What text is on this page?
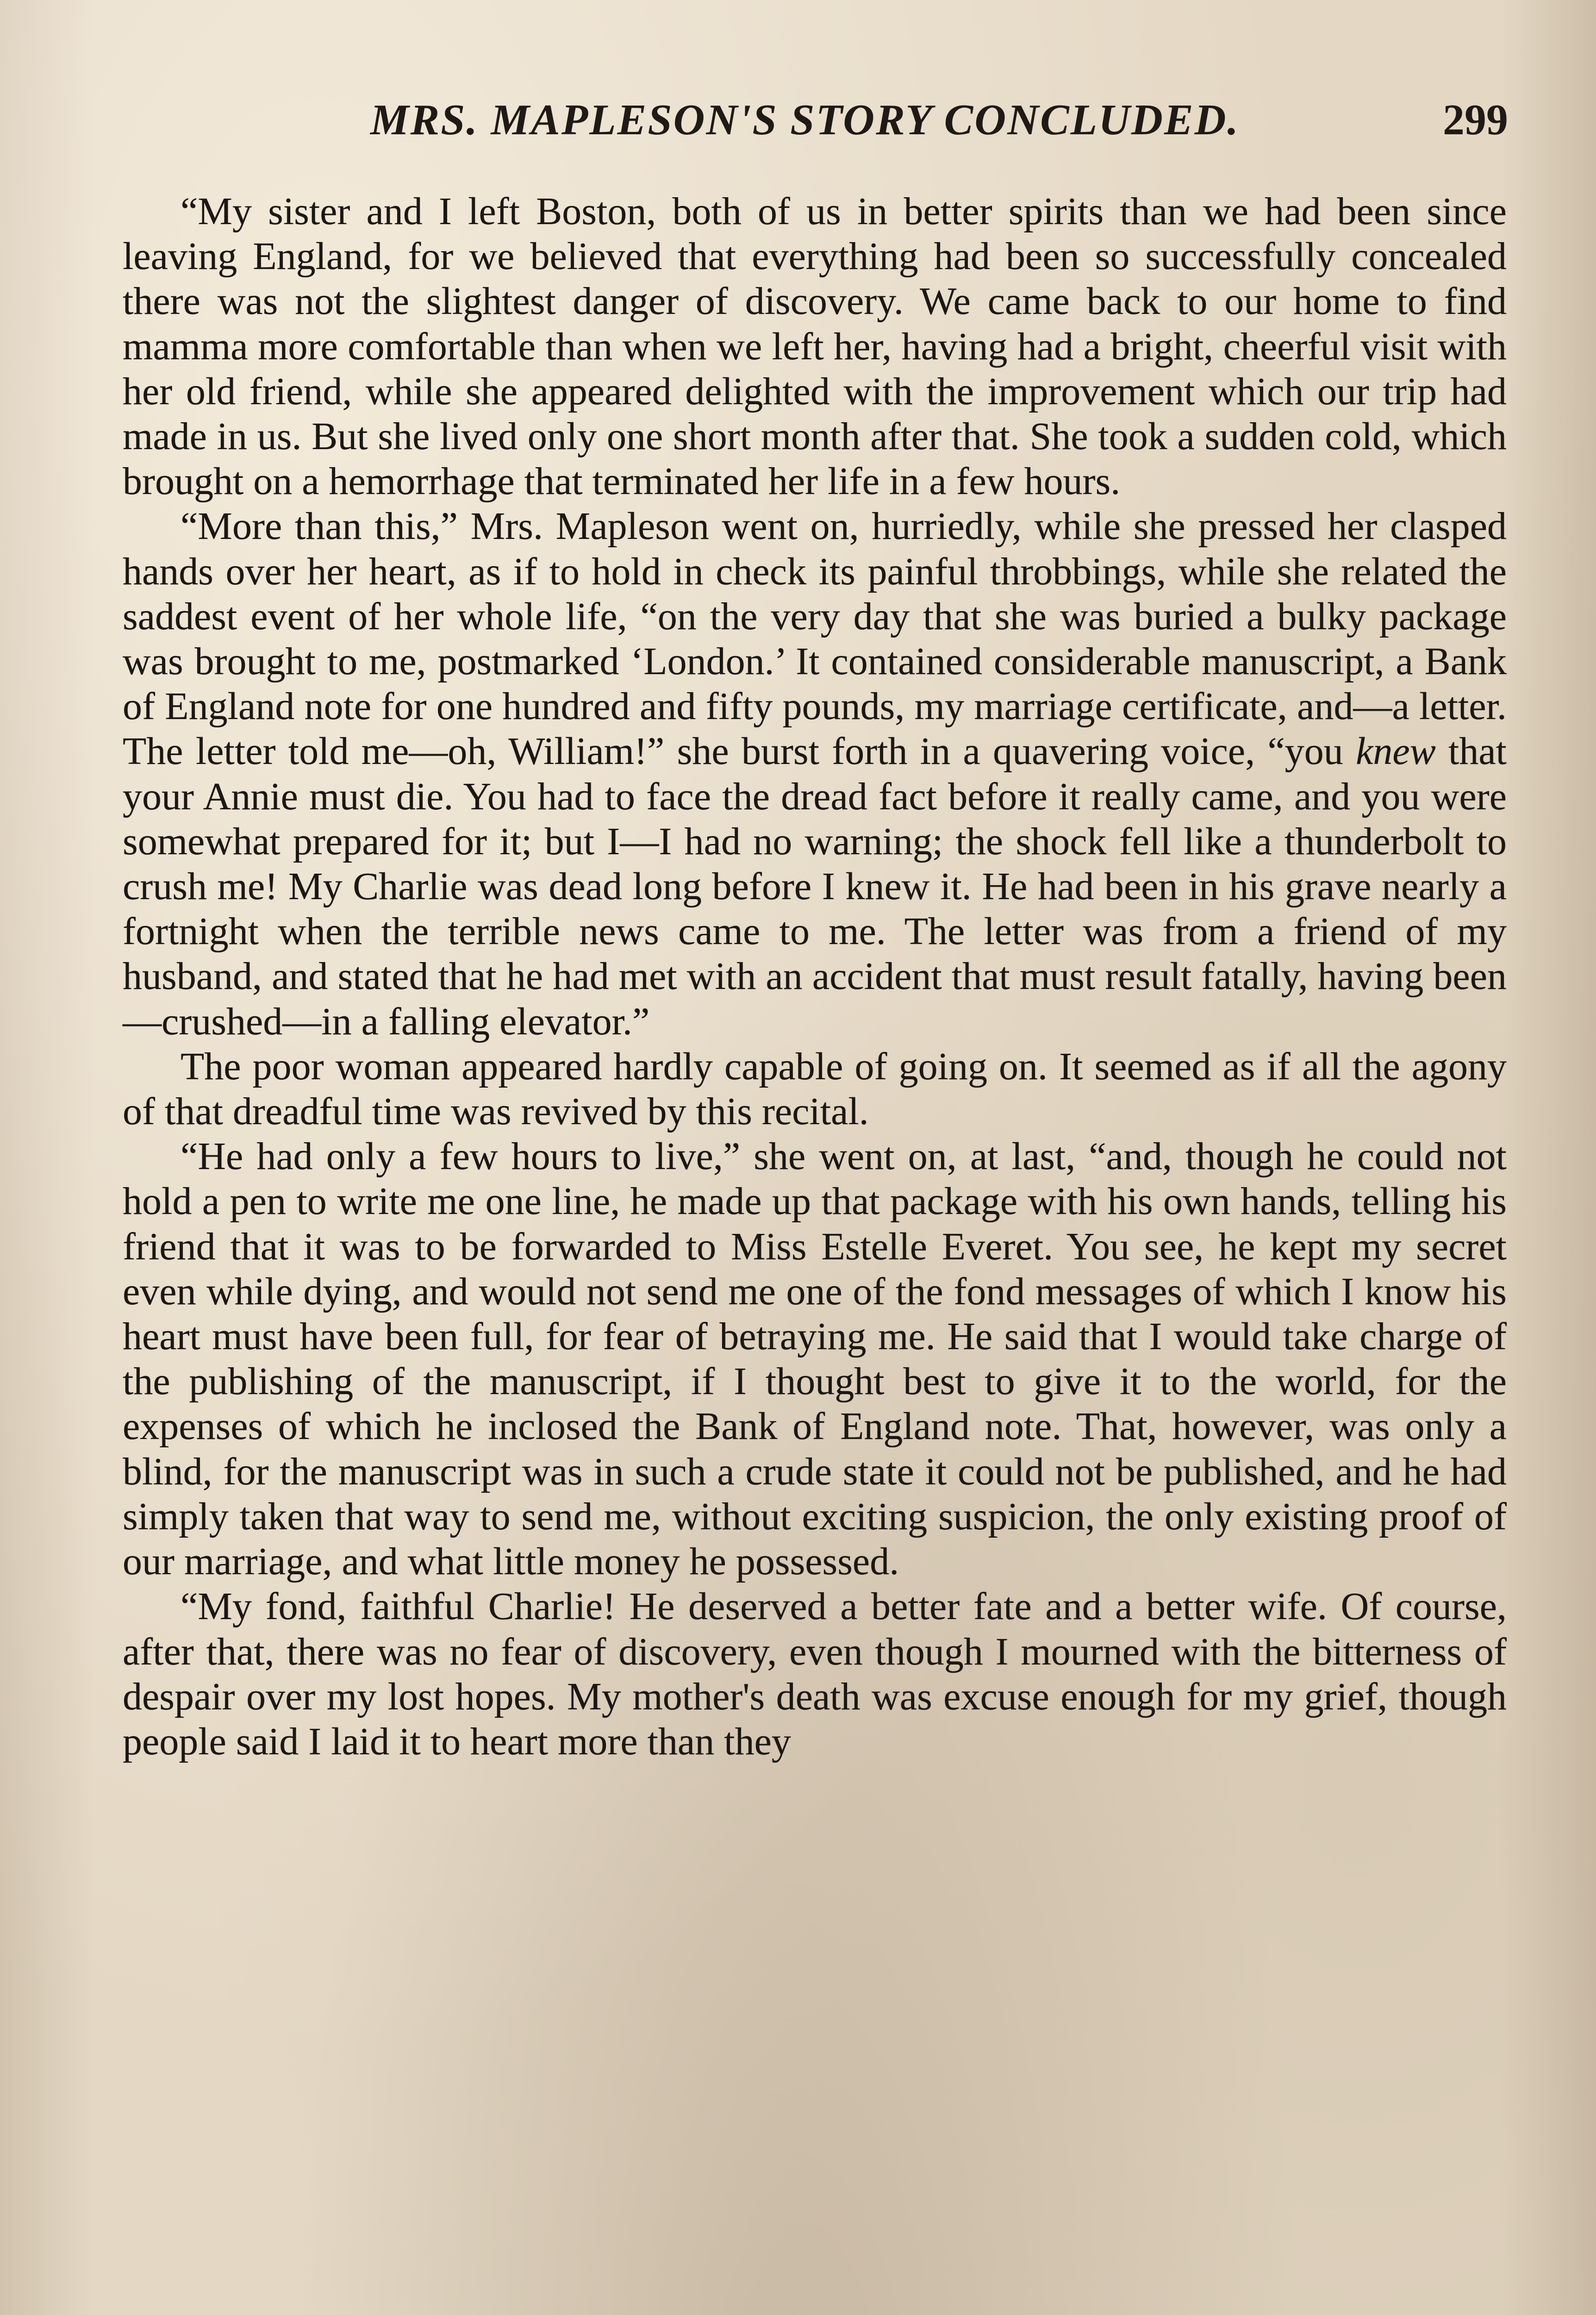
MRS. MAPLESON'S STORY CONCLUDED.	299

“My sister and I left Boston, both of us in better spirits than we had been since leaving England, for we believed that everything had been so successfully concealed there was not the slightest danger of discovery. We came back to our home to find mamma more comfortable than when we left her, having had a bright, cheerful visit with her old friend, while she appeared delighted with the improvement which our trip had made in us. But she lived only one short month after that. She took a sudden cold, which brought on a hemorrhage that terminated her life in a few hours.

“More than this,” Mrs. Mapleson went on, hurriedly, while she pressed her clasped hands over her heart, as if to hold in check its painful throbbings, while she related the saddest event of her whole life, “on the very day that she was buried a bulky package was brought to me, postmarked ‘London.’ It contained considerable manuscript, a Bank of England note for one hundred and fifty pounds, my marriage certificate, and—a letter. The letter told me—oh, William!” she burst forth in a quavering voice, “you knew that your Annie must die. You had to face the dread fact before it really came, and you were somewhat prepared for it; but I—I had no warning; the shock fell like a thunderbolt to crush me! My Charlie was dead long before I knew it. He had been in his grave nearly a fortnight when the terrible news came to me. The letter was from a friend of my husband, and stated that he had met with an accident that must result fatally, having been—crushed—in a falling elevator.”

The poor woman appeared hardly capable of going on. It seemed as if all the agony of that dreadful time was revived by this recital.

“He had only a few hours to live,” she went on, at last, “and, though he could not hold a pen to write me one line, he made up that package with his own hands, telling his friend that it was to be forwarded to Miss Estelle Everet. You see, he kept my secret even while dying, and would not send me one of the fond messages of which I know his heart must have been full, for fear of betraying me. He said that I would take charge of the publishing of the manuscript, if I thought best to give it to the world, for the expenses of which he inclosed the Bank of England note. That, however, was only a blind, for the manuscript was in such a crude state it could not be published, and he had simply taken that way to send me, without exciting suspicion, the only existing proof of our marriage, and what little money he possessed.

“My fond, faithful Charlie! He deserved a better fate and a better wife. Of course, after that, there was no fear of discovery, even though I mourned with the bitterness of despair over my lost hopes. My mother's death was excuse enough for my grief, though people said I laid it to heart more than they
